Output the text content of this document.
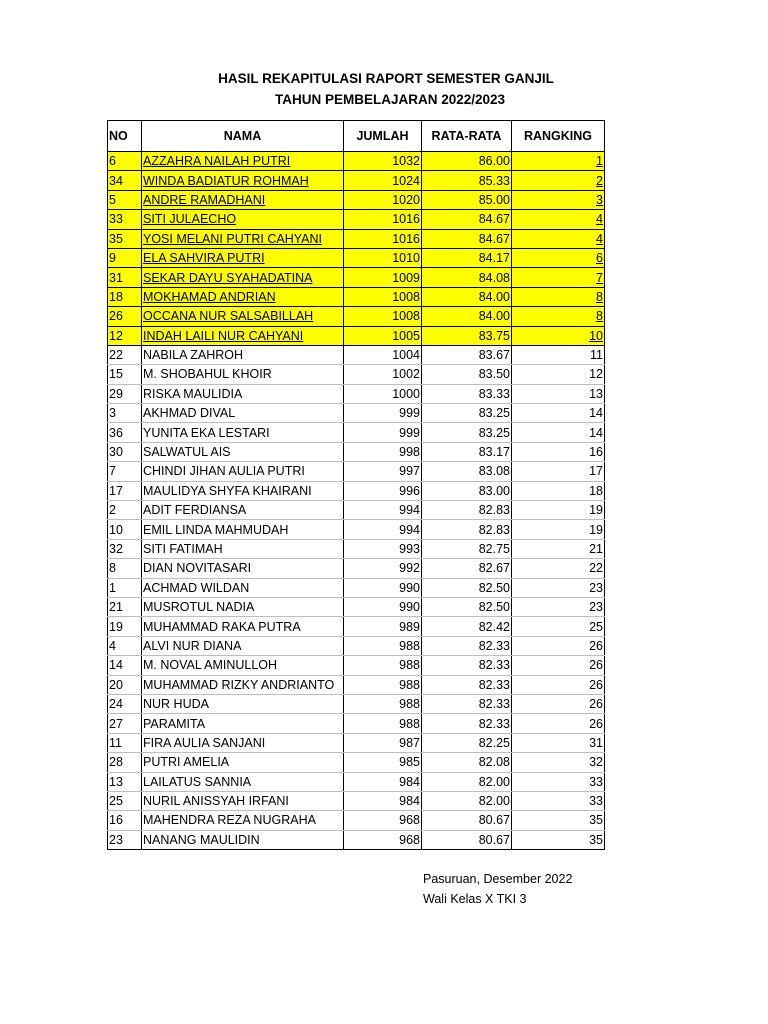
HASIL REKAPITULASI RAPORT SEMESTER GANJIL
TAHUN PEMBELAJARAN 2022/2023
NO	NAMA	JUMLAH	RATA-RATA	RANGKING
6	AZZAHRA NAILAH PUTRI	1032	86.00	1
34	WINDA BADIATUR ROHMAH	1024	85.33	2
5	ANDRE RAMADHANI	1020	85.00	3
33	SITI JULAECHO	1016	84.67	4
35	YOSI MELANI PUTRI CAHYANI	1016	84.67	4
9	ELA SAHVIRA PUTRI	1010	84.17	6
31	SEKAR DAYU SYAHADATINA	1009	84.08	7
18	MOKHAMAD ANDRIAN	1008	84.00	8
26	OCCANA NUR SALSABILLAH	1008	84.00	8
12	INDAH LAILI NUR CAHYANI	1005	83.75	10
22	NABILA ZAHROH	1004	83.67	11
15	M. SHOBAHUL KHOIR	1002	83.50	12
29	RISKA MAULIDIA	1000	83.33	13
3	AKHMAD DIVAL	999	83.25	14
36	YUNITA EKA LESTARI	999	83.25	14
30	SALWATUL AIS	998	83.17	16
7	CHINDI JIHAN AULIA PUTRI	997	83.08	17
17	MAULIDYA SHYFA KHAIRANI	996	83.00	18
2	ADIT FERDIANSA	994	82.83	19
10	EMIL LINDA MAHMUDAH	994	82.83	19
32	SITI FATIMAH	993	82.75	21
8	DIAN NOVITASARI	992	82.67	22
1	ACHMAD WILDAN	990	82.50	23
21	MUSROTUL NADIA	990	82.50	23
19	MUHAMMAD RAKA PUTRA	989	82.42	25
4	ALVI NUR DIANA	988	82.33	26
14	M. NOVAL AMINULLOH	988	82.33	26
20	MUHAMMAD RIZKY ANDRIANTO	988	82.33	26
24	NUR HUDA	988	82.33	26
27	PARAMITA	988	82.33	26
11	FIRA AULIA SANJANI	987	82.25	31
28	PUTRI AMELIA	985	82.08	32
13	LAILATUS SANNIA	984	82.00	33
25	NURIL ANISSYAH IRFANI	984	82.00	33
16	MAHENDRA REZA NUGRAHA	968	80.67	35
23	NANANG MAULIDIN	968	80.67	35
Pasuruan, Desember 2022
Wali Kelas X TKI 3
